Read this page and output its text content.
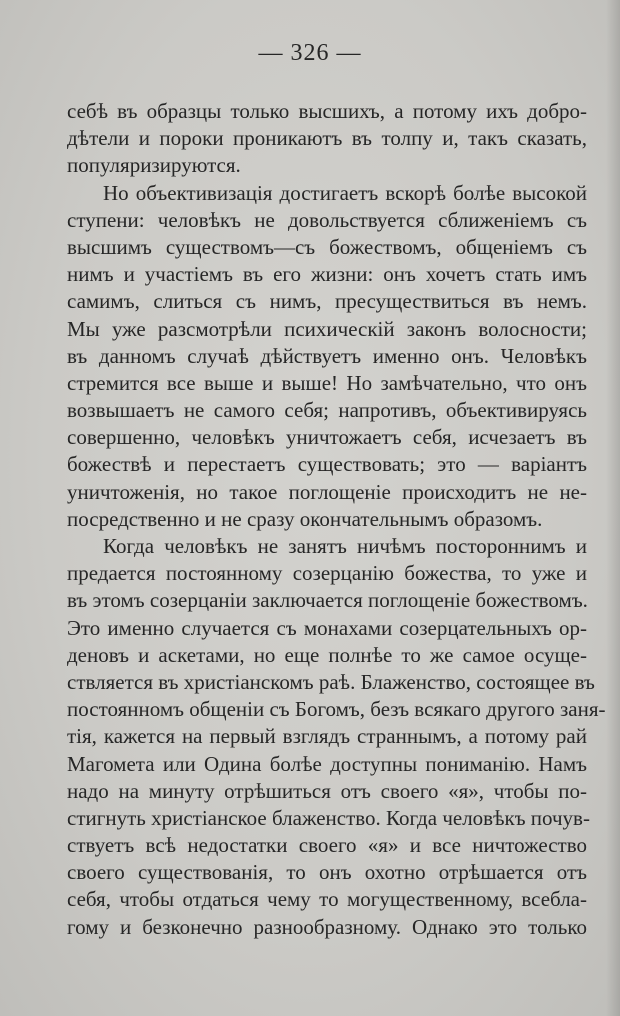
— 326 —
себѣ въ образцы только высшихъ, а потому ихъ добро-
дѣтели и пороки проникаютъ въ толпу и, такъ сказать,
популяризируются.
Но объективизація достигаетъ вскорѣ болѣе высокой
ступени: человѣкъ не довольствуется сближеніемъ съ
высшимъ существомъ—съ божествомъ, общеніемъ съ
нимъ и участіемъ въ его жизни: онъ хочетъ стать имъ
самимъ, слиться съ нимъ, пресуществиться въ немъ.
Мы уже разсмотрѣли психическій законъ волосности;
въ данномъ случаѣ дѣйствуетъ именно онъ. Человѣкъ
стремится все выше и выше! Но замѣчательно, что онъ
возвышаетъ не самого себя; напротивъ, объективируясь
совершенно, человѣкъ уничтожаетъ себя, исчезаетъ въ
божествѣ и перестаетъ существовать; это — варіантъ
уничтоженія, но такое поглощеніе происходитъ не не-
посредственно и не сразу окончательнымъ образомъ.
Когда человѣкъ не занятъ ничѣмъ постороннимъ и
предается постоянному созерцанію божества, то уже и
въ этомъ созерцаніи заключается поглощеніе божествомъ.
Это именно случается съ монахами созерцательныхъ ор-
деновъ и аскетами, но еще полнѣе то же самое осуще-
ствляется въ христіанскомъ раѣ. Блаженство, состоящее въ
постоянномъ общеніи съ Богомъ, безъ всякаго другого заня-
тія, кажется на первый взглядъ страннымъ, а потому рай
Магомета или Одина болѣе доступны пониманію. Намъ
надо на минуту отрѣшиться отъ своего «я», чтобы по-
стигнуть христіанское блаженство. Когда человѣкъ почув-
ствуетъ всѣ недостатки своего «я» и все ничтожество
своего существованія, то онъ охотно отрѣшается отъ
себя, чтобы отдаться чему то могущественному, всебла-
гому и безконечно разнообразному. Однако это только
